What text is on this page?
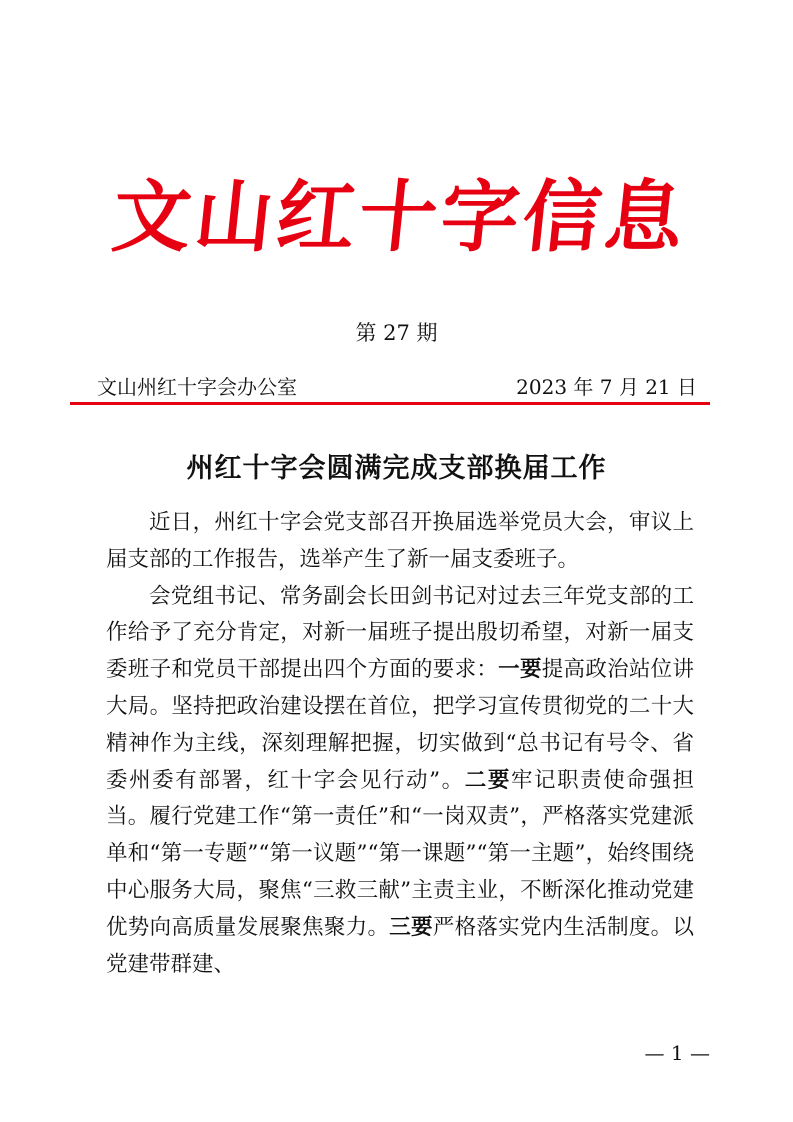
文山红十字信息
第 27 期
文山州红十字会办公室	2023 年 7 月 21 日
州红十字会圆满完成支部换届工作

近日，州红十字会党支部召开换届选举党员大会，审议上届支部的工作报告，选举产生了新一届支委班子。

会党组书记、常务副会长田剑书记对过去三年党支部的工作给予了充分肯定，对新一届班子提出殷切希望，对新一届支委班子和党员干部提出四个方面的要求：一要提高政治站位讲大局。坚持把政治建设摆在首位，把学习宣传贯彻党的二十大精神作为主线，深刻理解把握，切实做到“总书记有号令、省委州委有部署，红十字会见行动”。二要牢记职责使命强担当。履行党建工作“第一责任”和“一岗双责”，严格落实党建派单和“第一专题”“第一议题”“第一课题”“第一主题”，始终围绕中心服务大局，聚焦“三救三献”主责主业，不断深化推动党建优势向高质量发展聚焦聚力。三要严格落实党内生活制度。以党建带群建、

— 1 —
